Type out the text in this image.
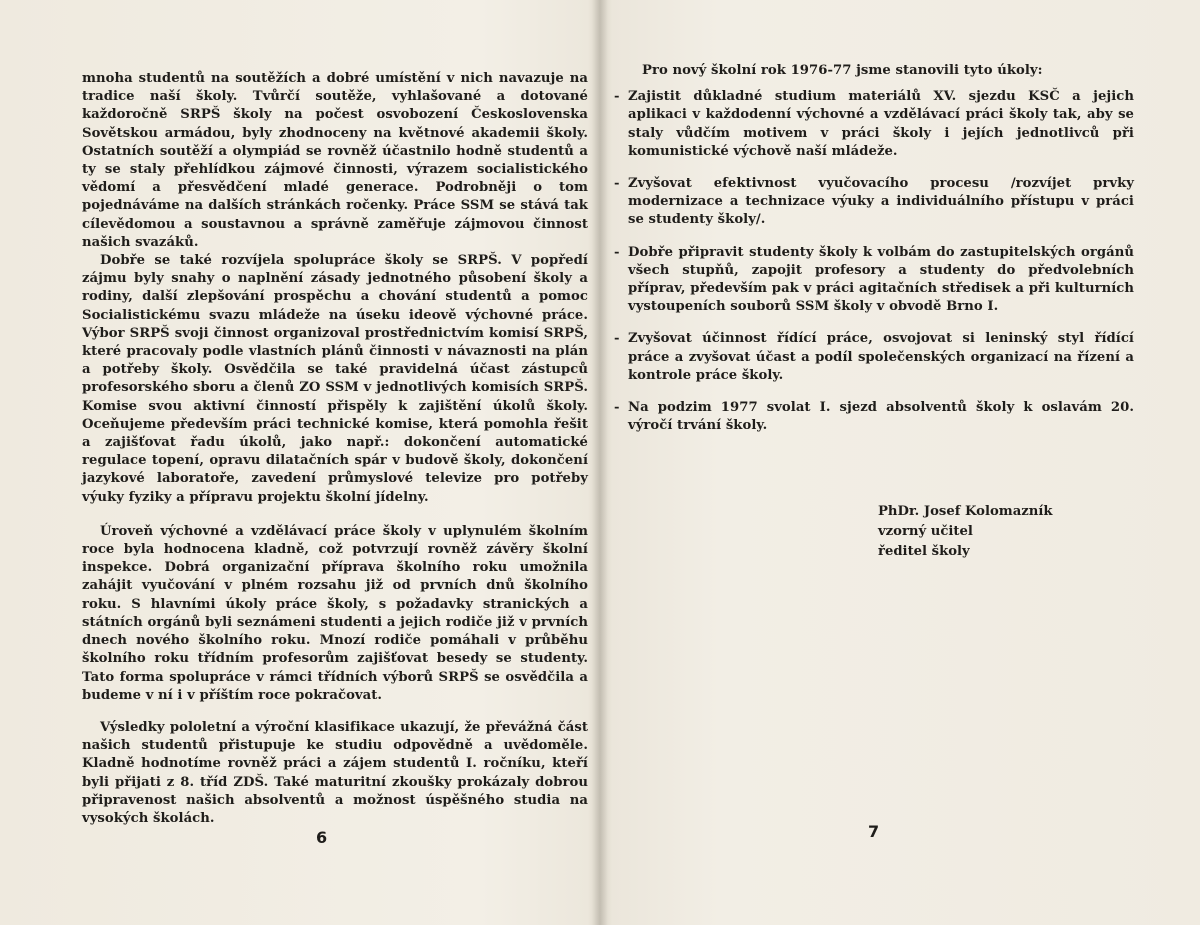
mnoha studentů na soutěžích a dobré umístění v nich navazuje na tradice naší školy. Tvůrčí soutěže, vyhlašované a dotované každoročně SRPŠ školy na počest osvobození Československa Sovětskou armádou, byly zhodnoceny na květnové akademii školy. Ostatních soutěží a olympiád se rovněž účastnilo hodně studentů a ty se staly přehlídkou zájmové činnosti, výrazem socialistického vědomí a přesvědčení mladé generace. Podrobněji o tom pojednáváme na dalších stránkách ročenky. Práce SSM se stává tak cílevědomou a soustavnou a správně zaměřuje zájmovou činnost našich svazáků.

Dobře se také rozvíjela spolupráce školy se SRPŠ. V popředí zájmu byly snahy o naplnění zásady jednotného působení školy a rodiny, další zlepšování prospěchu a chování studentů a pomoc Socialistickému svazu mládeže na úseku ideově výchovné práce. Výbor SRPŠ svoji činnost organizoval prostřednictvím komisí SRPŠ, které pracovaly podle vlastních plánů činnosti v návaznosti na plán a potřeby školy. Osvědčila se také pravidelná účast zástupců profesorského sboru a členů ZO SSM v jednotlivých komisích SRPŠ. Komise svou aktivní činností přispěly k zajištění úkolů školy. Oceňujeme především práci technické komise, která pomohla řešit a zajišťovat řadu úkolů, jako např.: dokončení automatické regulace topení, opravu dilatačních spár v budově školy, dokončení jazykové laboratoře, zavedení průmyslové televize pro potřeby výuky fyziky a přípravu projektu školní jídelny.

Úroveň výchovné a vzdělávací práce školy v uplynulém školním roce byla hodnocena kladně, což potvrzují rovněž závěry školní inspekce. Dobrá organizační příprava školního roku umožnila zahájit vyučování v plném rozsahu již od prvních dnů školního roku. S hlavními úkoly práce školy, s požadavky stranických a státních orgánů byli seznámeni studenti a jejich rodiče již v prvních dnech nového školního roku. Mnozí rodiče pomáhali v průběhu školního roku třídním profesorům zajišťovat besedy se studenty. Tato forma spolupráce v rámci třídních výborů SRPŠ se osvědčila a budeme v ní i v příštím roce pokračovat.

Výsledky pololetní a výroční klasifikace ukazují, že převážná část našich studentů přistupuje ke studiu odpovědně a uvědoměle. Kladně hodnotíme rovněž práci a zájem studentů I. ročníku, kteří byli přijati z 8. tříd ZDŠ. Také maturitní zkoušky prokázaly dobrou připravenost našich absolventů a možnost úspěšného studia na vysokých školách.

6

Pro nový školní rok 1976-77 jsme stanovili tyto úkoly:

- Zajistit důkladné studium materiálů XV. sjezdu KSČ a jejich aplikaci v každodenní výchovné a vzdělávací práci školy tak, aby se staly vůdčím motivem v práci školy i jejích jednotlivců při komunistické výchově naší mládeže.
- Zvyšovat efektivnost vyučovacího procesu /rozvíjet prvky modernizace a technizace výuky a individuálního přístupu v práci se studenty školy/.
- Dobře připravit studenty školy k volbám do zastupitelských orgánů všech stupňů, zapojit profesory a studenty do předvolebních příprav, především pak v práci agitačních středisek a při kulturních vystoupeních souborů SSM školy v obvodě Brno I.
- Zvyšovat účinnost řídící práce, osvojovat si leninský styl řídící práce a zvyšovat účast a podíl společenských organizací na řízení a kontrole práce školy.
- Na podzim 1977 svolat I. sjezd absolventů školy k oslavám 20. výročí trvání školy.
PhDr. Josef Kolomazník
vzorný učitel
ředitel školy
7
